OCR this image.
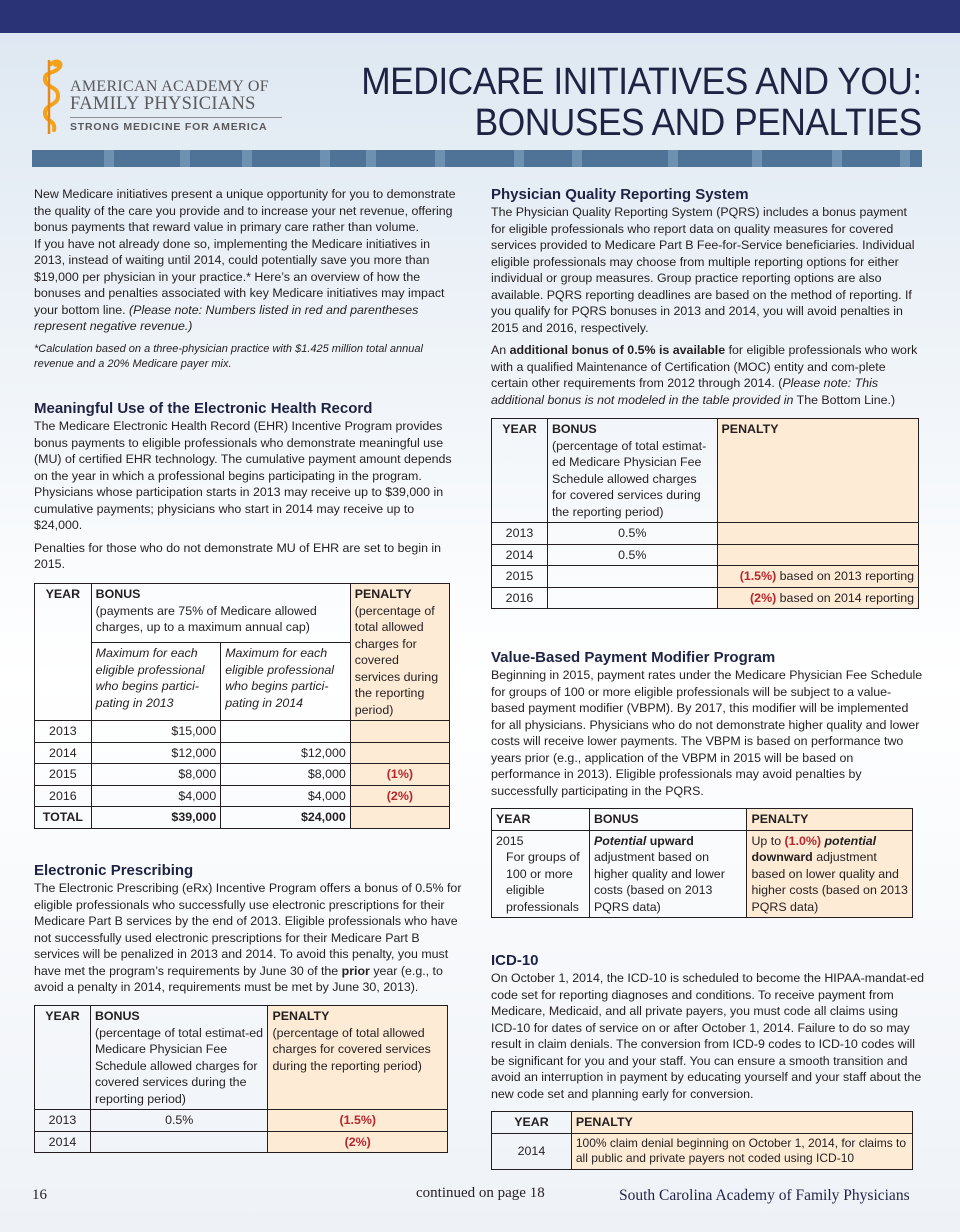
AMERICAN ACADEMY OF
FAMILY PHYSICIANS
STRONG MEDICINE FOR AMERICA
MEDICARE INITIATIVES AND YOU:
BONUSES AND PENALTIES

New Medicare initiatives present a unique opportunity for you to demonstrate the quality of the care you provide and to increase your net revenue, offering bonus payments that reward value in primary care rather than volume.

If you have not already done so, implementing the Medicare initiatives in 2013, instead of waiting until 2014, could potentially save you more than $19,000 per physician in your practice.* Here’s an overview of how the bonuses and penalties associated with key Medicare initiatives may impact your bottom line. (Please note: Numbers listed in red and parentheses represent negative revenue.)

*Calculation based on a three-physician practice with $1.425 million total annual revenue and a 20% Medicare payer mix.

Meaningful Use of the Electronic Health Record

The Medicare Electronic Health Record (EHR) Incentive Program provides bonus payments to eligible professionals who demonstrate meaningful use (MU) of certified EHR technology. The cumulative payment amount depends on the year in which a professional begins participating in the program. Physicians whose participation starts in 2013 may receive up to $39,000 in cumulative payments; physicians who start in 2014 may receive up to $24,000.

Penalties for those who do not demonstrate MU of EHR are set to begin in 2015.

YEAR	BONUS
(payments are 75% of Medicare allowed charges, up to a maximum annual cap)		PENALTY
(percentage of total allowed charges for covered services during the reporting period)
	Maximum for each eligible professional who begins partici-pating in 2013	Maximum for each eligible professional who begins partici-pating in 2014	
2013	$15,000		
2014	$12,000	$12,000	
2015	$8,000	$8,000	(1%)
2016	$4,000	$4,000	(2%)
TOTAL	$39,000	$24,000	
Electronic Prescribing

The Electronic Prescribing (eRx) Incentive Program offers a bonus of 0.5% for eligible professionals who successfully use electronic prescriptions for their Medicare Part B services by the end of 2013. Eligible professionals who have not successfully used electronic prescriptions for their Medicare Part B services will be penalized in 2013 and 2014. To avoid this penalty, you must have met the program’s requirements by June 30 of the prior year (e.g., to avoid a penalty in 2014, requirements must be met by June 30, 2013).

YEAR	BONUS
(percentage of total estimat-ed Medicare Physician Fee Schedule allowed charges for covered services during the reporting period)	PENALTY
(percentage of total allowed charges for covered services during the reporting period)
2013	0.5%	(1.5%)
2014		(2%)
Physician Quality Reporting System

The Physician Quality Reporting System (PQRS) includes a bonus payment for eligible professionals who report data on quality measures for covered services provided to Medicare Part B Fee-for-Service beneficiaries. Individual eligible professionals may choose from multiple reporting options for either individual or group measures. Group practice reporting options are also available. PQRS reporting deadlines are based on the method of reporting. If you qualify for PQRS bonuses in 2013 and 2014, you will avoid penalties in 2015 and 2016, respectively.

An additional bonus of 0.5% is available for eligible professionals who work with a qualified Maintenance of Certification (MOC) entity and com-plete certain other requirements from 2012 through 2014. (Please note: This additional bonus is not modeled in the table provided in The Bottom Line.)

YEAR	BONUS
(percentage of total estimat-ed Medicare Physician Fee Schedule allowed charges for covered services during the reporting period)	PENALTY
2013	0.5%	
2014	0.5%	
2015		(1.5%) based on 2013 reporting
2016		(2%) based on 2014 reporting
Value-Based Payment Modifier Program

Beginning in 2015, payment rates under the Medicare Physician Fee Schedule for groups of 100 or more eligible professionals will be subject to a value-based payment modifier (VBPM). By 2017, this modifier will be implemented for all physicians. Physicians who do not demonstrate higher quality and lower costs will receive lower payments. The VBPM is based on performance two years prior (e.g., application of the VBPM in 2015 will be based on performance in 2013). Eligible professionals may avoid penalties by successfully participating in the PQRS.

YEAR	BONUS	PENALTY
2015
For groups of 100 or more eligible professionals	Potential upward adjustment based on higher quality and lower costs (based on 2013 PQRS data)	Up to (1.0%) potential downward adjustment based on lower quality and higher costs (based on 2013 PQRS data)
ICD-10

On October 1, 2014, the ICD-10 is scheduled to become the HIPAA-mandat-ed code set for reporting diagnoses and conditions. To receive payment from Medicare, Medicaid, and all private payers, you must code all claims using ICD-10 for dates of service on or after October 1, 2014. Failure to do so may result in claim denials. The conversion from ICD-9 codes to ICD-10 codes will be significant for you and your staff. You can ensure a smooth transition and avoid an interruption in payment by educating yourself and your staff about the new code set and planning early for conversion.

YEAR	PENALTY
2014	100% claim denial beginning on October 1, 2014, for claims to all public and private payers not coded using ICD-10
16	continued on page 18	South Carolina Academy of Family Physicians
